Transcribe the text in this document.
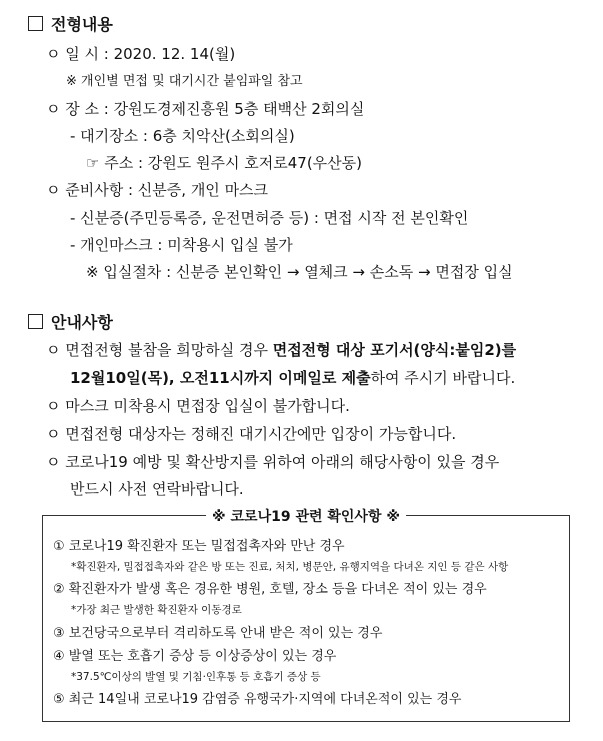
전형내용
ㅇ 일 시 : 2020. 12. 14(월)
※ 개인별 면접 및 대기시간 붙임파일 참고
ㅇ 장 소 : 강원도경제진흥원 5층 태백산 2회의실
- 대기장소 : 6층 치악산(소회의실)
☞ 주소 : 강원도 원주시 호저로47(우산동)
ㅇ 준비사항 : 신분증, 개인 마스크
- 신분증(주민등록증, 운전면허증 등) : 면접 시작 전 본인확인
- 개인마스크 : 미착용시 입실 불가
※ 입실절차 : 신분증 본인확인 → 열체크 → 손소독 → 면접장 입실
안내사항
ㅇ 면접전형 불참을 희망하실 경우 면접전형 대상 포기서(양식:붙임2)를
12월10일(목), 오전11시까지 이메일로 제출하여 주시기 바랍니다.
ㅇ 마스크 미착용시 면접장 입실이 불가합니다.
ㅇ 면접전형 대상자는 정해진 대기시간에만 입장이 가능합니다.
ㅇ 코로나19 예방 및 확산방지를 위하여 아래의 해당사항이 있을 경우
반드시 사전 연락바랍니다.
※ 코로나19 관련 확인사항 ※
① 코로나19 확진환자 또는 밀접접촉자와 만난 경우
*확진환자, 밀접접촉자와 같은 방 또는 진료, 처치, 병문안, 유행지역을 다녀온 지인 등 같은 사항
② 확진환자가 발생 혹은 경유한 병원, 호텔, 장소 등을 다녀온 적이 있는 경우
*가장 최근 발생한 확진환자 이동경로
③ 보건당국으로부터 격리하도록 안내 받은 적이 있는 경우
④ 발열 또는 호흡기 증상 등 이상증상이 있는 경우
*37.5℃이상의 발열 및 기침·인후통 등 호흡기 증상 등
⑤ 최근 14일내 코로나19 감염증 유행국가·지역에 다녀온적이 있는 경우
